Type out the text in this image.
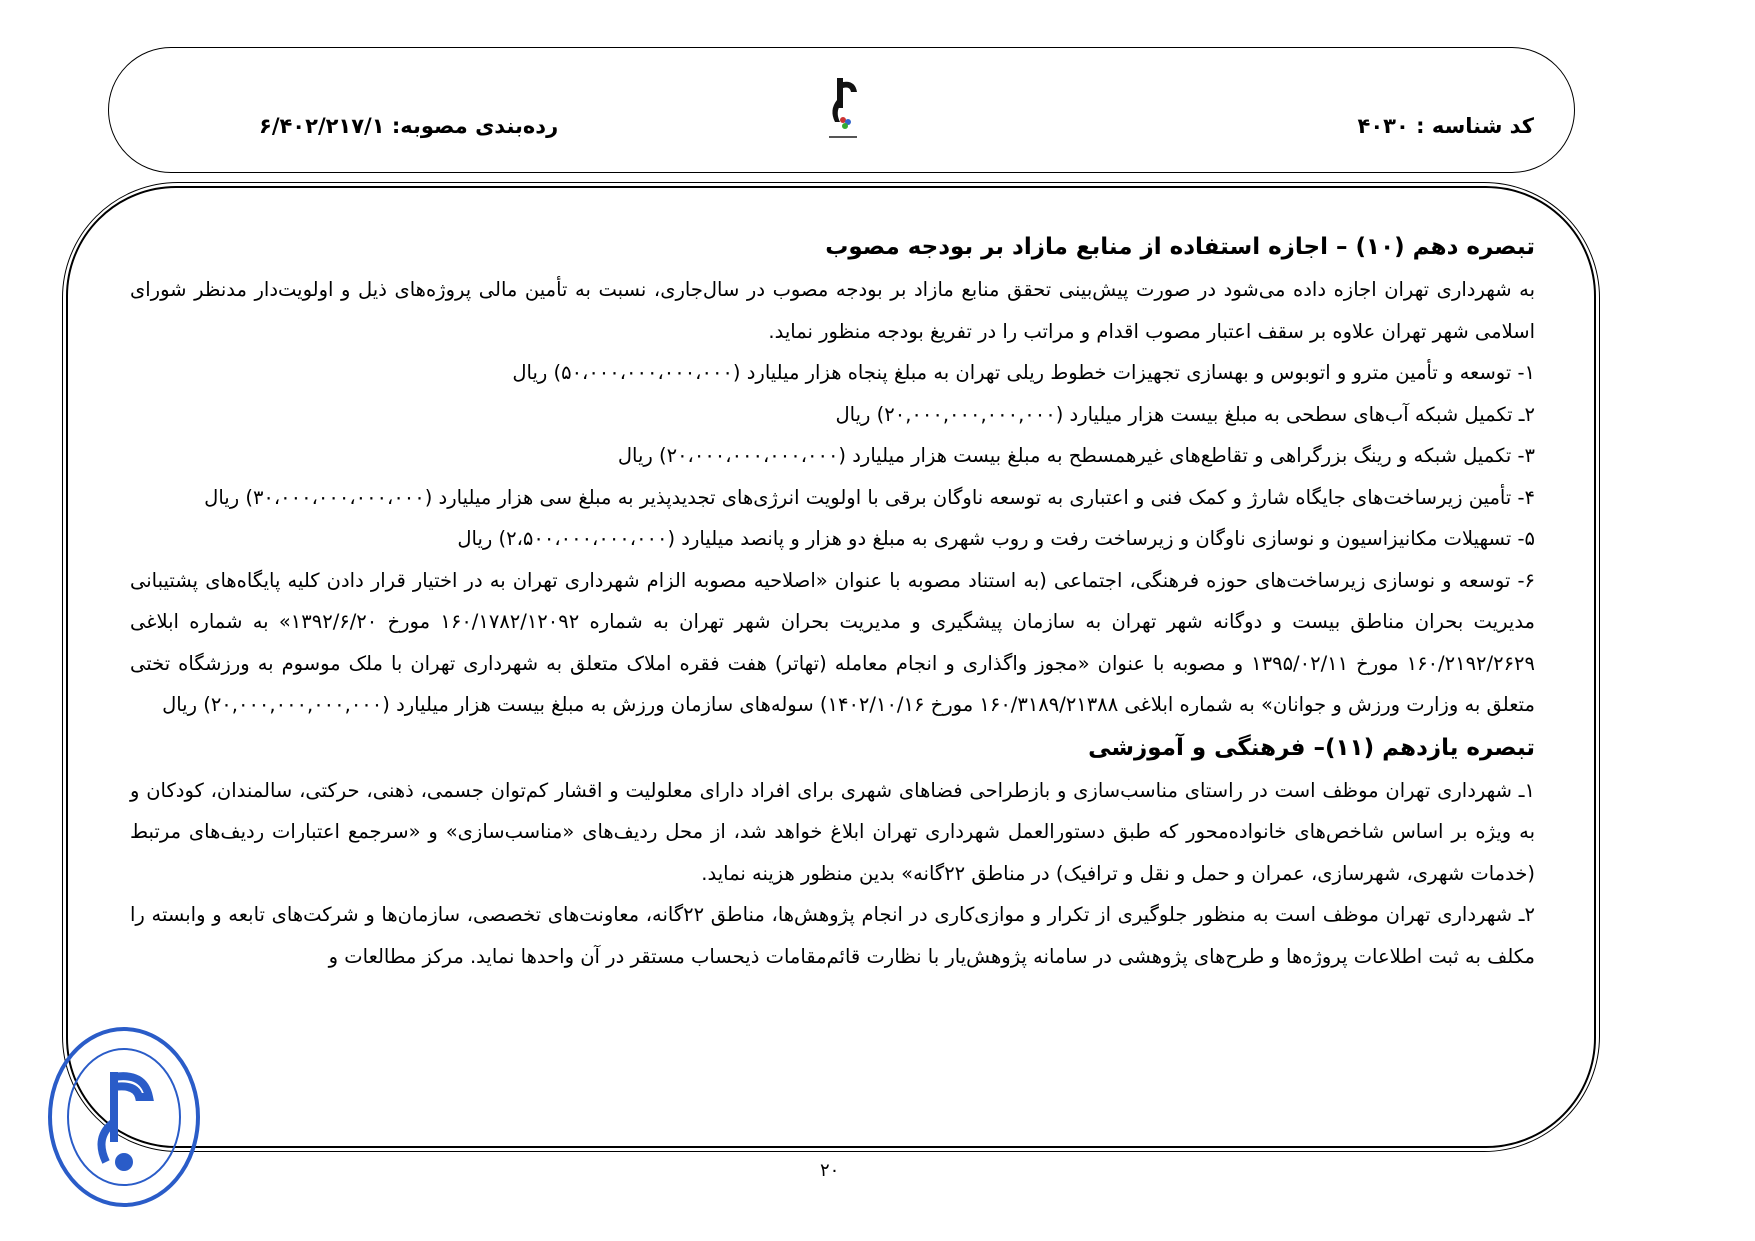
کد شناسه : ۴۰۳۰
رده‌بندی مصوبه: ۶/۴۰۲/۲۱۷/۱
تبصره دهم (۱۰) – اجازه استفاده از منابع مازاد بر بودجه مصوب

به شهرداری تهران اجازه داده می‌شود در صورت پیش‌بینی تحقق منابع مازاد بر بودجه مصوب در سال‌جاری، نسبت به تأمین مالی پروژه‌های ذیل و اولویت‌دار مدنظر شورای اسلامی شهر تهران علاوه بر سقف اعتبار مصوب اقدام و مراتب را در تفریغ بودجه منظور نماید.

۱- توسعه و تأمین مترو و اتوبوس و بهسازی تجهیزات خطوط ریلی تهران به مبلغ پنجاه هزار میلیارد (۵۰،۰۰۰،۰۰۰،۰۰۰،۰۰۰) ریال

۲ـ تکمیل شبکه آب‌های سطحی به مبلغ بیست هزار میلیارد (۲۰,۰۰۰,۰۰۰,۰۰۰,۰۰۰) ریال

۳- تکمیل شبکه و رینگ بزرگراهی و تقاطع‌های غیرهمسطح به مبلغ بیست هزار میلیارد (۲۰،۰۰۰،۰۰۰،۰۰۰،۰۰۰) ریال

۴- تأمین زیرساخت‌های جایگاه شارژ و کمک فنی و اعتباری به توسعه ناوگان برقی با اولویت انرژی‌های تجدیدپذیر به مبلغ سی هزار میلیارد (۳۰،۰۰۰،۰۰۰،۰۰۰،۰۰۰) ریال

۵- تسهیلات مکانیزاسیون و نوسازی ناوگان و زیرساخت رفت و روب شهری به مبلغ دو هزار و پانصد میلیارد (۲،۵۰۰،۰۰۰،۰۰۰،۰۰۰) ریال

۶- توسعه و نوسازی زیرساخت‌های حوزه فرهنگی، اجتماعی (به استناد مصوبه با عنوان «اصلاحیه مصوبه الزام شهرداری تهران به در اختیار قرار دادن کلیه پایگاه‌های پشتیبانی مدیریت بحران مناطق بیست و دوگانه شهر تهران به سازمان پیشگیری و مدیریت بحران شهر تهران به شماره ۱۶۰/۱۷۸۲/۱۲۰۹۲ مورخ ۱۳۹۲/۶/۲۰» به شماره ابلاغی ۱۶۰/۲۱۹۲/۲۶۲۹ مورخ ۱۳۹۵/۰۲/۱۱ و مصوبه با عنوان «مجوز واگذاری و انجام معامله (تهاتر) هفت فقره املاک متعلق به شهرداری تهران با ملک موسوم به ورزشگاه تختی متعلق به وزارت ورزش و جوانان» به شماره ابلاغی ۱۶۰/۳۱۸۹/۲۱۳۸۸ مورخ ۱۴۰۲/۱۰/۱۶) سوله‌های سازمان ورزش به مبلغ بیست هزار میلیارد (۲۰,۰۰۰,۰۰۰,۰۰۰,۰۰۰) ریال

تبصره یازدهم (۱۱)– فرهنگی و آموزشی

۱ـ شهرداری تهران موظف است در راستای مناسب‌سازی و بازطراحی فضاهای شهری برای افراد دارای معلولیت و اقشار کم‌توان جسمی، ذهنی، حرکتی، سالمندان، کودکان و به ویژه بر اساس شاخص‌های خانواده‌محور که طبق دستورالعمل شهرداری تهران ابلاغ خواهد شد، از محل ردیف‌های «مناسب‌سازی» و «سرجمع اعتبارات ردیف‌های مرتبط (خدمات شهری، شهرسازی، عمران و حمل و نقل و ترافیک) در مناطق ۲۲گانه» بدین منظور هزینه نماید.

۲ـ شهرداری تهران موظف است به منظور جلوگیری از تکرار و موازی‌کاری در انجام پژوهش‌ها، مناطق ۲۲گانه، معاونت‌های تخصصی، سازمان‌ها و شرکت‌های تابعه و وابسته را مکلف به ثبت اطلاعات پروژه‌ها و طرح‌های پژوهشی در سامانه پژوهش‌یار با نظارت قائم‌مقامات ذیحساب مستقر در آن واحدها نماید. مرکز مطالعات و

۲۰
